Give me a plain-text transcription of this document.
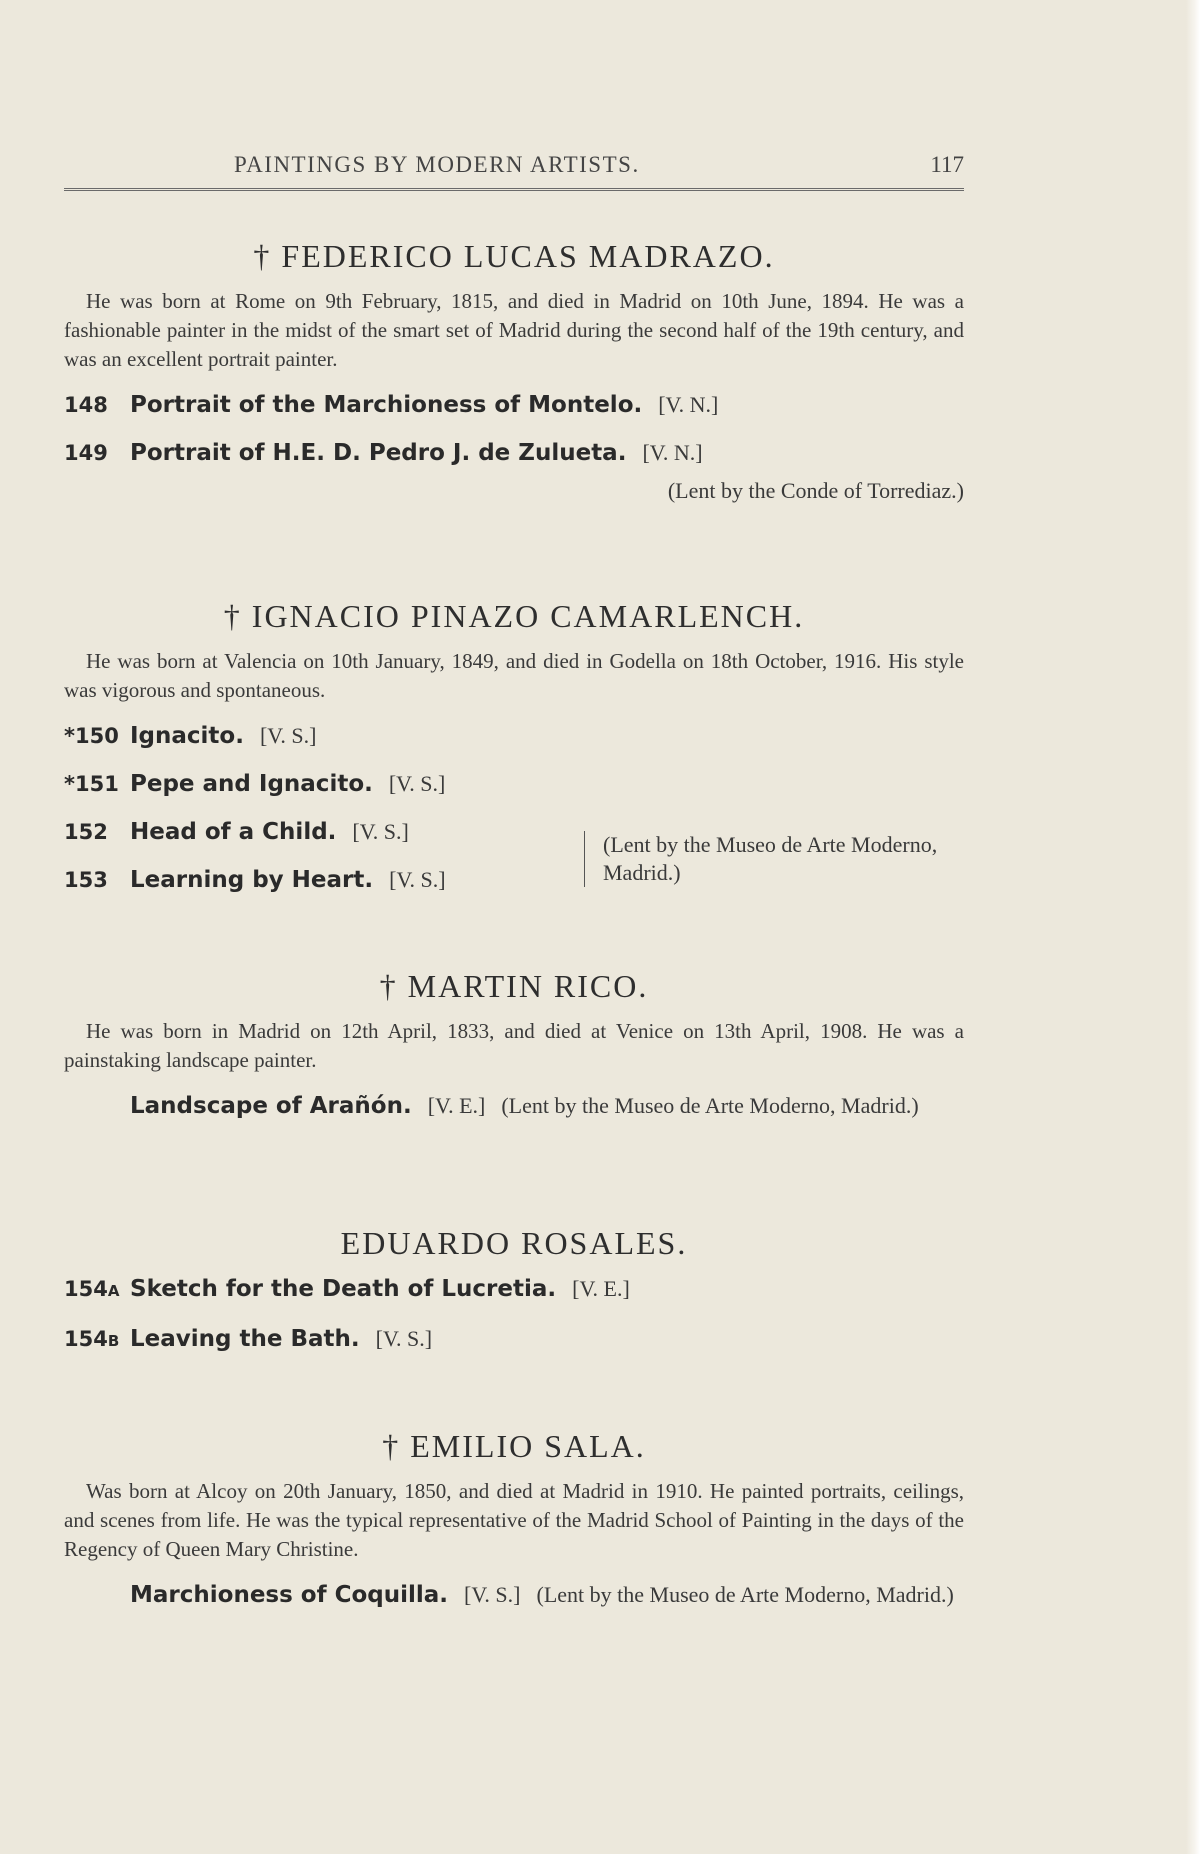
PAINTINGS BY MODERN ARTISTS.	117
† FEDERICO LUCAS MADRAZO.

He was born at Rome on 9th February, 1815, and died in Madrid on 10th June, 1894. He was a fashionable painter in the midst of the smart set of Madrid during the second half of the 19th century, and was an excellent portrait painter.

148 Portrait of the Marchioness of Montelo. [V. N.]
149 Portrait of H.E. D. Pedro J. de Zulueta. [V. N.]
(Lent by the Conde of Torrediaz.)
† IGNACIO PINAZO CAMARLENCH.

He was born at Valencia on 10th January, 1849, and died in Godella on 18th October, 1916. His style was vigorous and spontaneous.

*150 Ignacito. [V. S.]
*151 Pepe and Ignacito. [V. S.]
152 Head of a Child. [V. S.]
153 Learning by Heart. [V. S.]
(Lent by the Museo de Arte Moderno, Madrid.)
† MARTIN RICO.

He was born in Madrid on 12th April, 1833, and died at Venice on 13th April, 1908. He was a painstaking landscape painter.

Landscape of Arañón. [V. E.] (Lent by the Museo de Arte Moderno, Madrid.)
EDUARDO ROSALES.
154A Sketch for the Death of Lucretia. [V. E.]
154B Leaving the Bath. [V. S.]
† EMILIO SALA.

Was born at Alcoy on 20th January, 1850, and died at Madrid in 1910. He painted portraits, ceilings, and scenes from life. He was the typical representative of the Madrid School of Painting in the days of the Regency of Queen Mary Christine.

Marchioness of Coquilla. [V. S.] (Lent by the Museo de Arte Moderno, Madrid.)
